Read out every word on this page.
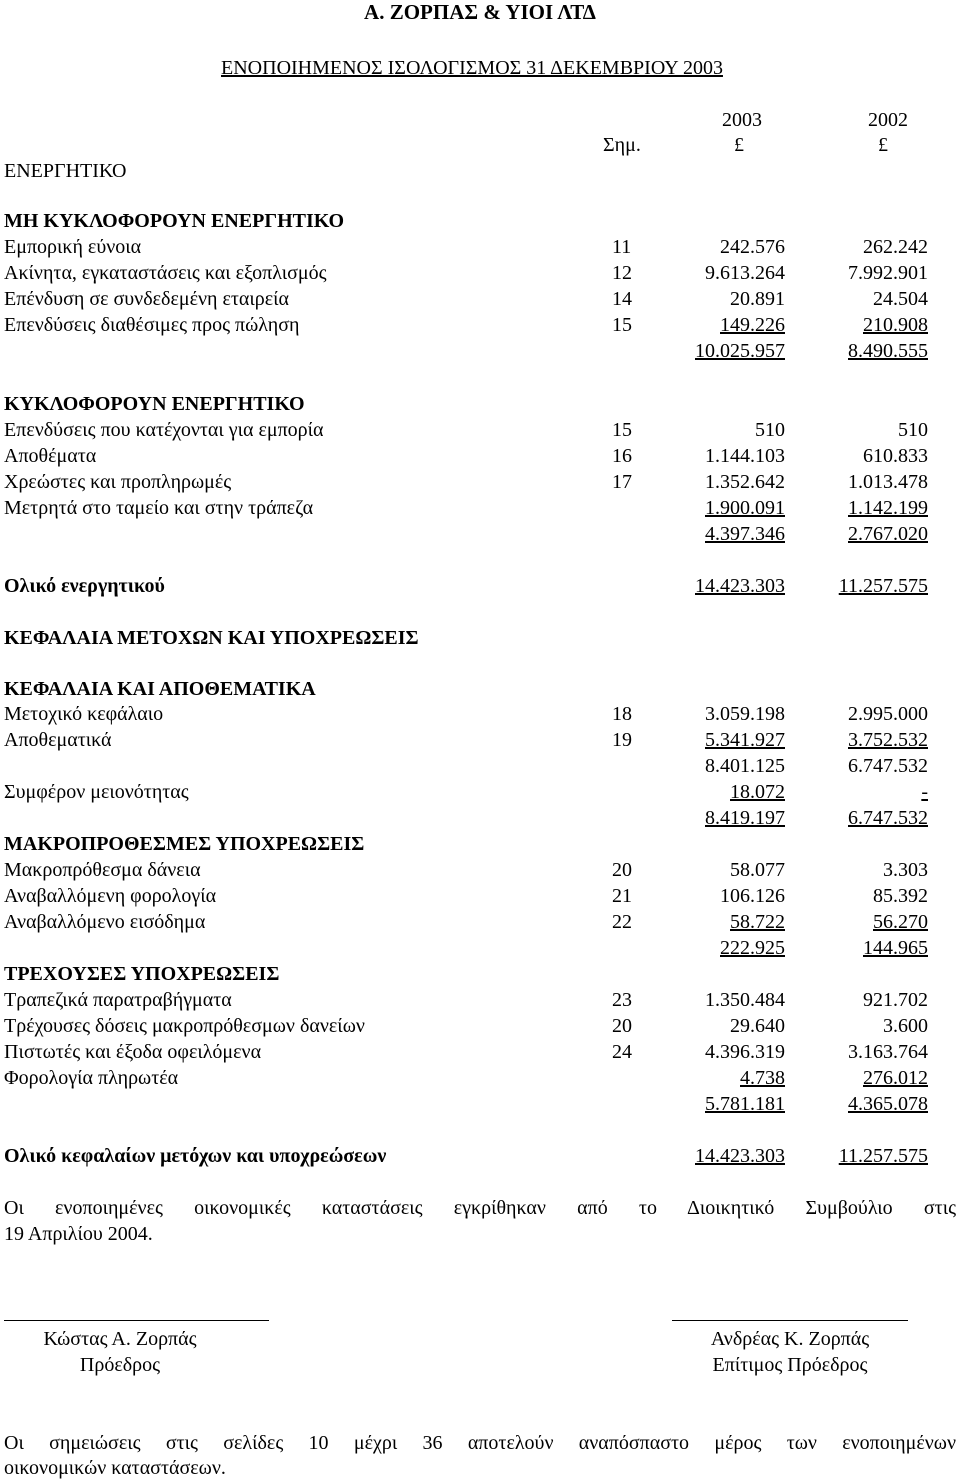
Α. ΖΟΡΠΑΣ & ΥΙΟΙ ΛΤΔ
ΕΝΟΠΟΙΗΜΕΝΟΣ ΙΣΟΛΟΓΙΣΜΟΣ 31 ΔΕΚΕΜΒΡΙΟΥ 2003
2003	2002
Σημ.	£	£
ΕΝΕΡΓΗΤΙΚΟ
ΜΗ ΚΥΚΛΟΦΟΡΟΥΝ ΕΝΕΡΓΗΤΙΚΟ
Εμπορική εύνοια	11	242.576	262.242
Ακίνητα, εγκαταστάσεις και εξοπλισμός	12	9.613.264	7.992.901
Επένδυση σε συνδεδεμένη εταιρεία	14	20.891	24.504
Επενδύσεις διαθέσιμες προς πώληση	15	149.226	210.908
10.025.957	8.490.555
ΚΥΚΛΟΦΟΡΟΥΝ ΕΝΕΡΓΗΤΙΚΟ
Επενδύσεις που κατέχονται για εμπορία	15	510	510
Αποθέματα	16	1.144.103	610.833
Χρεώστες και προπληρωμές	17	1.352.642	1.013.478
Μετρητά στο ταμείο και στην τράπεζα	1.900.091	1.142.199
4.397.346	2.767.020
Ολικό ενεργητικού	14.423.303	11.257.575
ΚΕΦΑΛΑΙΑ ΜΕΤΟΧΩΝ ΚΑΙ ΥΠΟΧΡΕΩΣΕΙΣ
ΚΕΦΑΛΑΙΑ ΚΑΙ ΑΠΟΘΕΜΑΤΙΚΑ
Μετοχικό κεφάλαιο	18	3.059.198	2.995.000
Αποθεματικά	19	5.341.927	3.752.532
8.401.125	6.747.532
Συμφέρον μειονότητας	18.072	-
8.419.197	6.747.532
ΜΑΚΡΟΠΡΟΘΕΣΜΕΣ ΥΠΟΧΡΕΩΣΕΙΣ
Μακροπρόθεσμα δάνεια	20	58.077	3.303
Αναβαλλόμενη φορολογία	21	106.126	85.392
Αναβαλλόμενο εισόδημα	22	58.722	56.270
222.925	144.965
ΤΡΕΧΟΥΣΕΣ ΥΠΟΧΡΕΩΣΕΙΣ
Τραπεζικά παρατραβήγματα	23	1.350.484	921.702
Τρέχουσες δόσεις μακροπρόθεσμων δανείων	20	29.640	3.600
Πιστωτές και έξοδα οφειλόμενα	24	4.396.319	3.163.764
Φορολογία πληρωτέα	4.738	276.012
5.781.181	4.365.078
Ολικό κεφαλαίων μετόχων και υποχρεώσεων	14.423.303	11.257.575
Οι ενοποιημένες οικονομικές καταστάσεις εγκρίθηκαν από το Διοικητικό Συμβούλιο στις
19 Απριλίου 2004.
Κώστας Α. Ζορπάς
Πρόεδρος
Ανδρέας Κ. Ζορπάς
Επίτιμος Πρόεδρος
Οι σημειώσεις στις σελίδες 10 μέχρι 36 αποτελούν αναπόσπαστο μέρος των ενοποιημένων
οικονομικών καταστάσεων.
